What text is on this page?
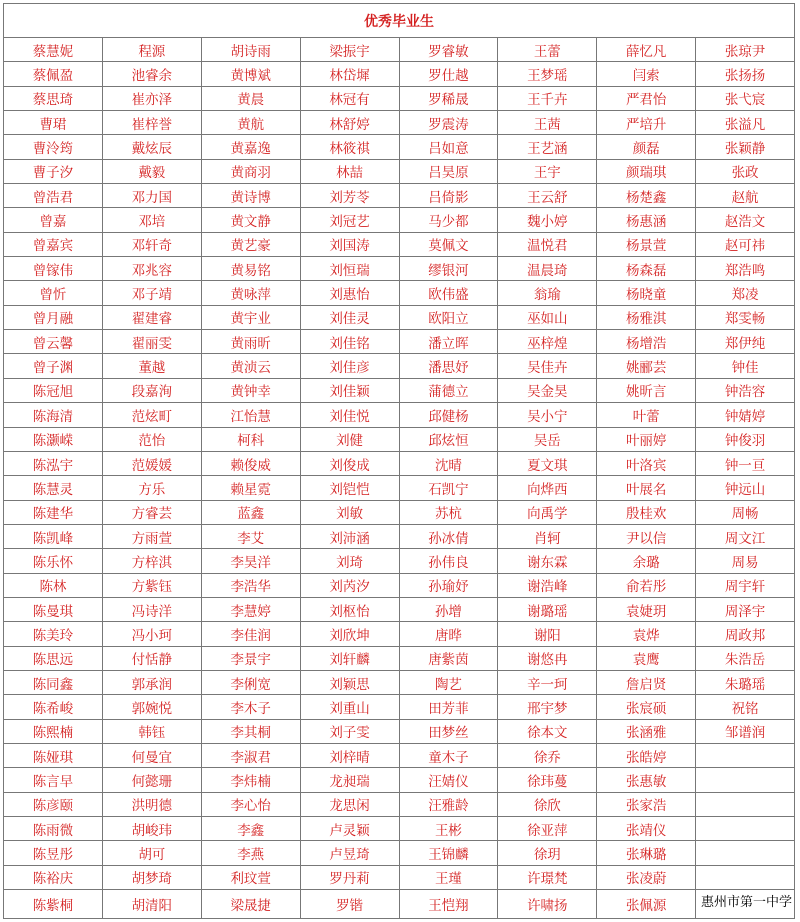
优秀毕业生							
蔡慧妮	程源	胡诗雨	梁振宇	罗睿敏	王蕾	薛忆凡	张琼尹
蔡佩盈	池睿余	黄博斌	林岱墀	罗仕越	王梦瑶	闫索	张扬扬
蔡思琦	崔亦泽	黄晨	林冠有	罗稀晟	王千卉	严君怡	张弋宸
曹珺	崔梓誉	黄航	林舒婷	罗震涛	王茜	严培升	张溢凡
曹泠筠	戴炫辰	黄嘉逸	林筱祺	吕如意	王艺涵	颜磊	张颖静
曹子汐	戴毅	黄商羽	林喆	吕昊原	王宇	颜瑞琪	张政
曾浩君	邓力国	黄诗博	刘芳苓	吕倚影	王云舒	杨楚鑫	赵航
曾嘉	邓培	黄文静	刘冠艺	马少都	魏小婷	杨惠涵	赵浩文
曾嘉宾	邓轩奇	黄艺豪	刘国涛	莫佩文	温悦君	杨景萱	赵可祎
曾镓伟	邓兆容	黄易铭	刘恒瑞	缪银河	温晨琦	杨森磊	郑浩鸣
曾忻	邓子靖	黄咏萍	刘惠怡	欧伟盛	翁瑜	杨晓童	郑凌
曾月融	翟建睿	黄宇业	刘佳灵	欧阳立	巫如山	杨雅淇	郑雯畅
曾云馨	翟丽雯	黄雨昕	刘佳铭	潘立晖	巫梓煌	杨增浩	郑伊纯
曾子渊	董越	黄浈云	刘佳彦	潘思妤	吴佳卉	姚郦芸	钟佳
陈冠旭	段嘉洵	黄钟幸	刘佳颖	蒲德立	吴金昊	姚昕言	钟浩容
陈海清	范炫町	江怡慧	刘佳悦	邱健杨	吴小宁	叶蕾	钟婧婷
陈灏嵘	范怡	柯科	刘健	邱炫恒	吴岳	叶丽婷	钟俊羽
陈泓宇	范媛媛	赖俊威	刘俊成	沈晴	夏文琪	叶洛宾	钟一亘
陈慧灵	方乐	赖星霓	刘铠恺	石凯宁	向烨西	叶展名	钟远山
陈建华	方睿芸	蓝鑫	刘敏	苏杭	向禹学	殷桂欢	周畅
陈凯峰	方雨萱	李艾	刘沛涵	孙冰倩	肖轲	尹以信	周文江
陈乐怀	方梓淇	李昊洋	刘琦	孙伟良	谢东霖	余璐	周易
陈林	方紫钰	李浩华	刘芮汐	孙瑜妤	谢浩峰	俞若彤	周宇轩
陈曼琪	冯诗洋	李慧婷	刘枢怡	孙增	谢璐瑶	袁婕玥	周泽宇
陈美玲	冯小珂	李佳润	刘欣坤	唐晔	谢阳	袁烨	周政邦
陈思远	付恬静	李景宇	刘轩麟	唐紫茵	谢悠冉	袁鹰	朱浩岳
陈同鑫	郭承润	李俐宽	刘颖思	陶艺	辛一珂	詹启贤	朱璐瑶
陈希峻	郭婉悦	李木子	刘重山	田芳菲	邢宇梦	张宸硕	祝铭
陈熙楠	韩钰	李其桐	刘子雯	田梦丝	徐本文	张涵雅	邹谱润
陈娅琪	何曼宜	李淑君	刘梓晴	童木子	徐乔	张皓婷	
陈言早	何懿珊	李炜楠	龙昶瑞	汪婧仪	徐玮蔓	张惠敏	
陈彦颐	洪明德	李心怡	龙思闲	汪雅龄	徐欣	张家浩	
陈雨微	胡峻玮	李鑫	卢灵颖	王彬	徐亚萍	张靖仪	
陈昱彤	胡可	李燕	卢昱琦	王锦麟	徐玥	张琳璐	
陈裕庆	胡梦琦	利玟萱	罗丹莉	王瑾	许璟梵	张凌蔚	
陈紫桐	胡清阳	梁晟捷	罗锴	王恺翔	许啸扬	张佩源		惠州市第一中学
